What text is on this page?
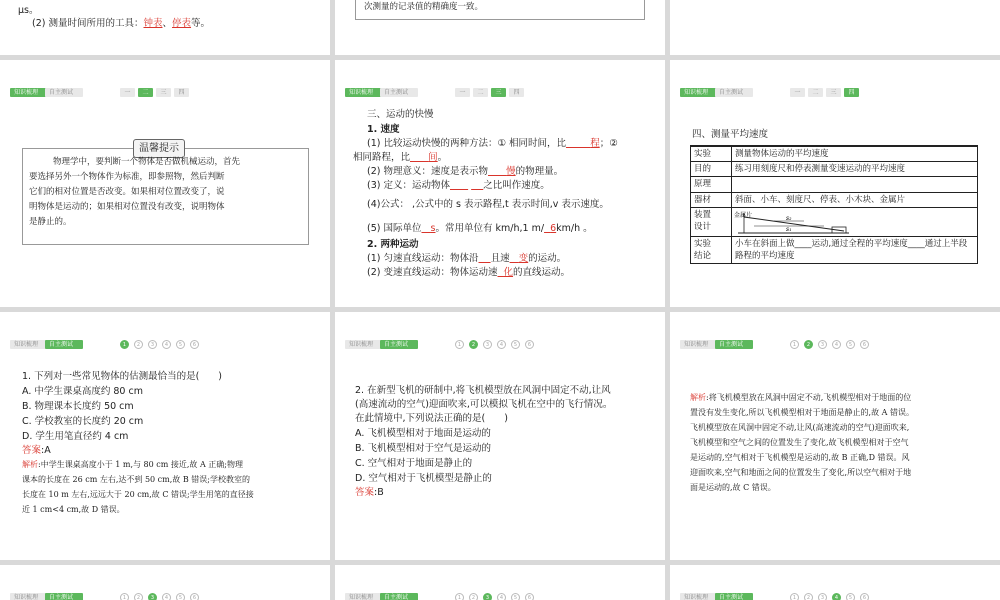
μs。
(2) 测量时间所用的工具：钟表、停表等。
次测量的记录值的精确度一致。
知识梳理	自主测试	一	二	三	四
温馨提示
物理学中，要判断一个物体是否做机械运动，首先
要选择另外一个物体作为标准，即参照物，然后判断
它们的相对位置是否改变。如果相对位置改变了，说
明物体是运动的；如果相对位置没有改变，说明物体
是静止的。
知识梳理	自主测试	一	二	三	四
三、运动的快慢
1. 速度
(1) 比较运动快慢的两种方法：① 相同时间，比	程；②
相同路程，比 间。
(2) 物理意义：速度是表示物 慢的物理量。
(3) 定义：运动物体	之比叫作速度。
(4)公式： ,公式中的 s 表示路程,t 表示时间,v 表示速度。
(5) 国际单位 s。常用单位有 km/h,1 m/ 6km/h 。
2. 两种运动
(1) 匀速直线运动：物体沿 且速 变的运动。
(2) 变速直线运动：物体运动速 化的直线运动。
知识梳理	自主测试	一	二	三	四
四、测量平均速度
实验	测量物体运动的平均速度
目的	练习用刻度尺和停表测量变速运动的平均速度
原理	
器材	斜面、小车、刻度尺、停表、小木块、金属片
装置
设计	金属片 s₂
s₁

实验
结论	小车在斜面上做____运动,通过全程的平均速度____通过上半段路程的平均速度
知识梳理	自主测试	1	2	3	4	5	6
1. 下列对一些常见物体的估测最恰当的是(　　)
A. 中学生课桌高度约 80 cm
B. 物理课本长度约 50 cm
C. 学校教室的长度约 20 cm
D. 学生用笔直径约 4 cm
答案:A
解析:中学生课桌高度小于 1 m,与 80 cm 接近,故 A 正确;物理
课本的长度在 26 cm 左右,达不到 50 cm,故 B 错误;学校教室的
长度在 10 m 左右,远远大于 20 cm,故 C 错误;学生用笔的直径接
近 1 cm<4 cm,故 D 错误。
知识梳理	自主测试	1	2	3	4	5	6
2. 在新型飞机的研制中,将飞机模型放在风洞中固定不动,让风
(高速流动的空气)迎面吹来,可以模拟飞机在空中的飞行情况。
在此情境中,下列说法正确的是(　　)
A. 飞机模型相对于地面是运动的
B. 飞机模型相对于空气是运动的
C. 空气相对于地面是静止的
D. 空气相对于飞机模型是静止的
答案:B
知识梳理	自主测试	1	2	3	4	5	6
解析:将飞机模型放在风洞中固定不动,飞机模型相对于地面的位
置没有发生变化,所以飞机模型相对于地面是静止的,故 A 错误。
飞机模型放在风洞中固定不动,让风(高速流动的空气)迎面吹来,
飞机模型和空气之间的位置发生了变化,故飞机模型相对于空气
是运动的,空气相对于飞机模型是运动的,故 B 正确,D 错误。风
迎面吹来,空气和地面之间的位置发生了变化,所以空气相对于地
面是运动的,故 C 错误。
知识梳理	自主测试	1	2	3	4	5	6	知识梳理	自主测试	1	2	3	4	5	6	知识梳理	自主测试	1	2	3	4	5	6
